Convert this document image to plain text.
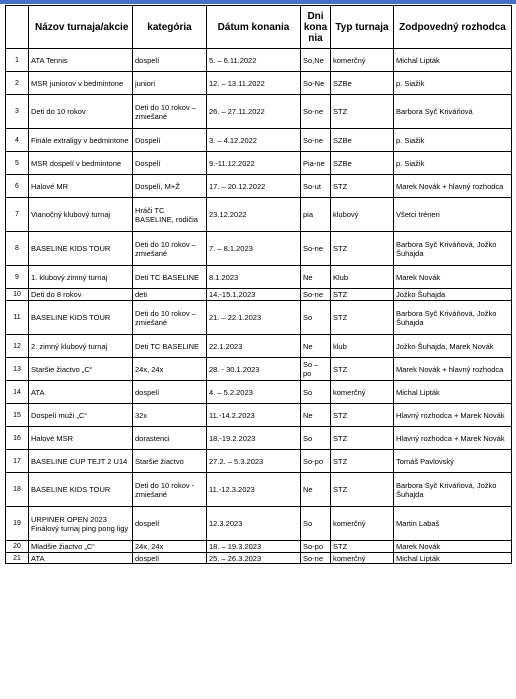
	Názov turnaja/akcie	kategória	Dátum konania	Dni kona nia	Typ turnaja	Zodpovedný rozhodca
1	ATA Tennis	dospelí	5. – 6.11.2022	So,Ne	komerčný	Michal Lipták
2	MSR juniorov v bedmintone	juniori	12. – 13.11.2022	So-Ne	SZBe	p. Siažik
3	Deti do 10 rokov	Deti do 10 rokov – zmiešané	26. – 27.11.2022	So-ne	STZ	Barbora Syč Kriváňová
4	Finále extraligy v bedmintone	Dospelí	3. – 4.12.2022	So-ne	SZBe	p. Siažik
5	MSR dospelí v bedmintone	Dospelí	9.-11.12.2022	Pia-ne	SZBe	p. Siažik
6	Halové MR	Dospelí, M+Ž	17. – 20.12.2022	So-ut	STZ	Marek Novák + hlavný rozhodca
7	Vianočný klubový turnaj	Hráči TC BASELINE, rodičia	23.12.2022	pia	klubový	Všetci tréneri
8	BASELINE KIDS TOUR	Deti do 10 rokov – zmiešané	7. – 8.1.2023	So-ne	STZ	Barbora Syč Kriváňová, Jožko Šuhajda
9	1. klubový zimný turnaj	Deti TC BASELINE	8.1.2023	Ne	Klub	Marek Novák
10	Deti do 8 rokov	deti	14.-15.1.2023	So-ne	STZ	Jožko Šuhajda
11	BASELINE KIDS TOUR	Deti do 10 rokov – zmiešané	21. – 22.1.2023	So	STZ	Barbora Syč Kriváňová, Jožko Šuhajda
12	2. zimný klubový turnaj	Deti TC BASELINE	22.1.2023	Ne	klub	Jožko Šuhajda, Marek Novák
13	Staršie žiactvo „C“	24x, 24x	28. - 30.1.2023	So – po	STZ	Marek Novák + hlavný rozhodca
14	ATA	dospelí	4. – 5.2.2023	So	komerčný	Michal Lipták
15	Dospelí muži „C“	32x	11.-14.2.2023	Ne	STZ	Hlavný rozhodca + Marek Novák
16	Halové MSR	dorastenci	18.-19.2.2023	So	STZ	Hlavný rozhodca + Marek Novák
17	BASELINE CUP TEJT 2 U14	Staršie žiactvo	27.2. – 5.3.2023	So-po	STZ	Tomáš Pavlovský
18	BASELINE KIDS TOUR	Deti do 10 rokov - zmiešané	11.-12.3.2023	Ne	STZ	Barbora Syč Kriváňová, Jožko Šuhajda
19	URPINER OPEN 2023 Finálový turnaj ping pong ligy	dospelí	12.3.2023	So	komerčný	Martin Labaš
20	Mladšie žiactvo „C“	24x, 24x	18. – 19.3.2023	So-po	STZ	Marek Novák
21	ATA	dospelí	25. – 26.3.2023	So-ne	komerčný	Michal Lipták
